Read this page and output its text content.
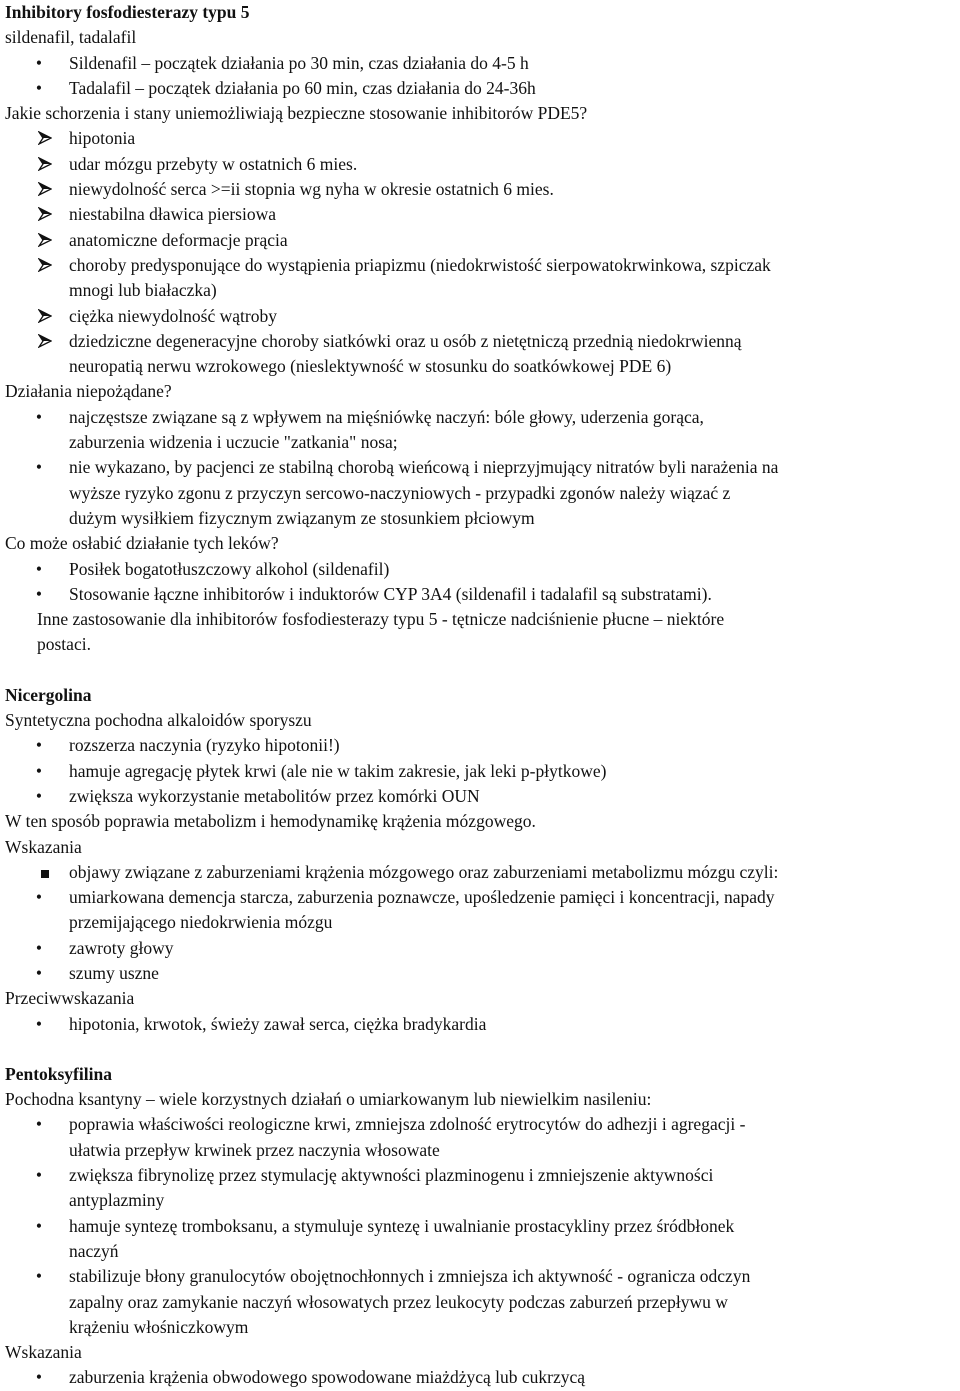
Inhibitory fosfodiesterazy typu 5
sildenafil, tadalafil
• Sildenafil – początek działania po 30 min, czas działania do 4-5 h
• Tadalafil – początek działania po 60 min, czas działania do 24-36h
Jakie schorzenia i stany uniemożliwiają bezpieczne stosowanie inhibitorów PDE5?
hipotonia
udar mózgu przebyty w ostatnich 6 mies.
niewydolność serca >=ii stopnia wg nyha w okresie ostatnich 6 mies.
niestabilna dławica piersiowa
anatomiczne deformacje prącia
choroby predysponujące do wystąpienia priapizmu (niedokrwistość sierpowatokrwinkowa, szpiczak
mnogi lub białaczka)
ciężka niewydolność wątroby
dziedziczne degeneracyjne choroby siatkówki oraz u osób z nietętniczą przednią niedokrwienną
neuropatią nerwu wzrokowego (nieslektywność w stosunku do soatkówkowej PDE 6)
Działania niepożądane?
• najczęstsze związane są z wpływem na mięśniówkę naczyń: bóle głowy, uderzenia gorąca,
zaburzenia widzenia i uczucie "zatkania" nosa;
• nie wykazano, by pacjenci ze stabilną chorobą wieńcową i nieprzyjmujący nitratów byli narażenia na
wyższe ryzyko zgonu z przyczyn sercowo-naczyniowych - przypadki zgonów należy wiązać z
dużym wysiłkiem fizycznym związanym ze stosunkiem płciowym
Co może osłabić działanie tych leków?
• Posiłek bogatotłuszczowy alkohol (sildenafil)
• Stosowanie łączne inhibitorów i induktorów CYP 3A4 (sildenafil i tadalafil są substratami).
Inne zastosowanie dla inhibitorów fosfodiesterazy typu 5 - tętnicze nadciśnienie płucne – niektóre
postaci.
Nicergolina
Syntetyczna pochodna alkaloidów sporyszu
• rozszerza naczynia (ryzyko hipotonii!)
• hamuje agregację płytek krwi (ale nie w takim zakresie, jak leki p-płytkowe)
• zwiększa wykorzystanie metabolitów przez komórki OUN
W ten sposób poprawia metabolizm i hemodynamikę krążenia mózgowego.
Wskazania
objawy związane z zaburzeniami krążenia mózgowego oraz zaburzeniami metabolizmu mózgu czyli:
• umiarkowana demencja starcza, zaburzenia poznawcze, upośledzenie pamięci i koncentracji, napady
przemijającego niedokrwienia mózgu
• zawroty głowy
• szumy uszne
Przeciwwskazania
• hipotonia, krwotok, świeży zawał serca, ciężka bradykardia
Pentoksyfilina
Pochodna ksantyny – wiele korzystnych działań o umiarkowanym lub niewielkim nasileniu:
• poprawia właściwości reologiczne krwi, zmniejsza zdolność erytrocytów do adhezji i agregacji -
ułatwia przepływ krwinek przez naczynia włosowate
• zwiększa fibrynolizę przez stymulację aktywności plazminogenu i zmniejszenie aktywności
antyplazminy
• hamuje syntezę tromboksanu, a stymuluje syntezę i uwalnianie prostacykliny przez śródbłonek
naczyń
• stabilizuje błony granulocytów obojętnochłonnych i zmniejsza ich aktywność - ogranicza odczyn
zapalny oraz zamykanie naczyń włosowatych przez leukocyty podczas zaburzeń przepływu w
krążeniu włośniczkowym
Wskazania
• zaburzenia krążenia obwodowego spowodowane miażdżycą lub cukrzycą
